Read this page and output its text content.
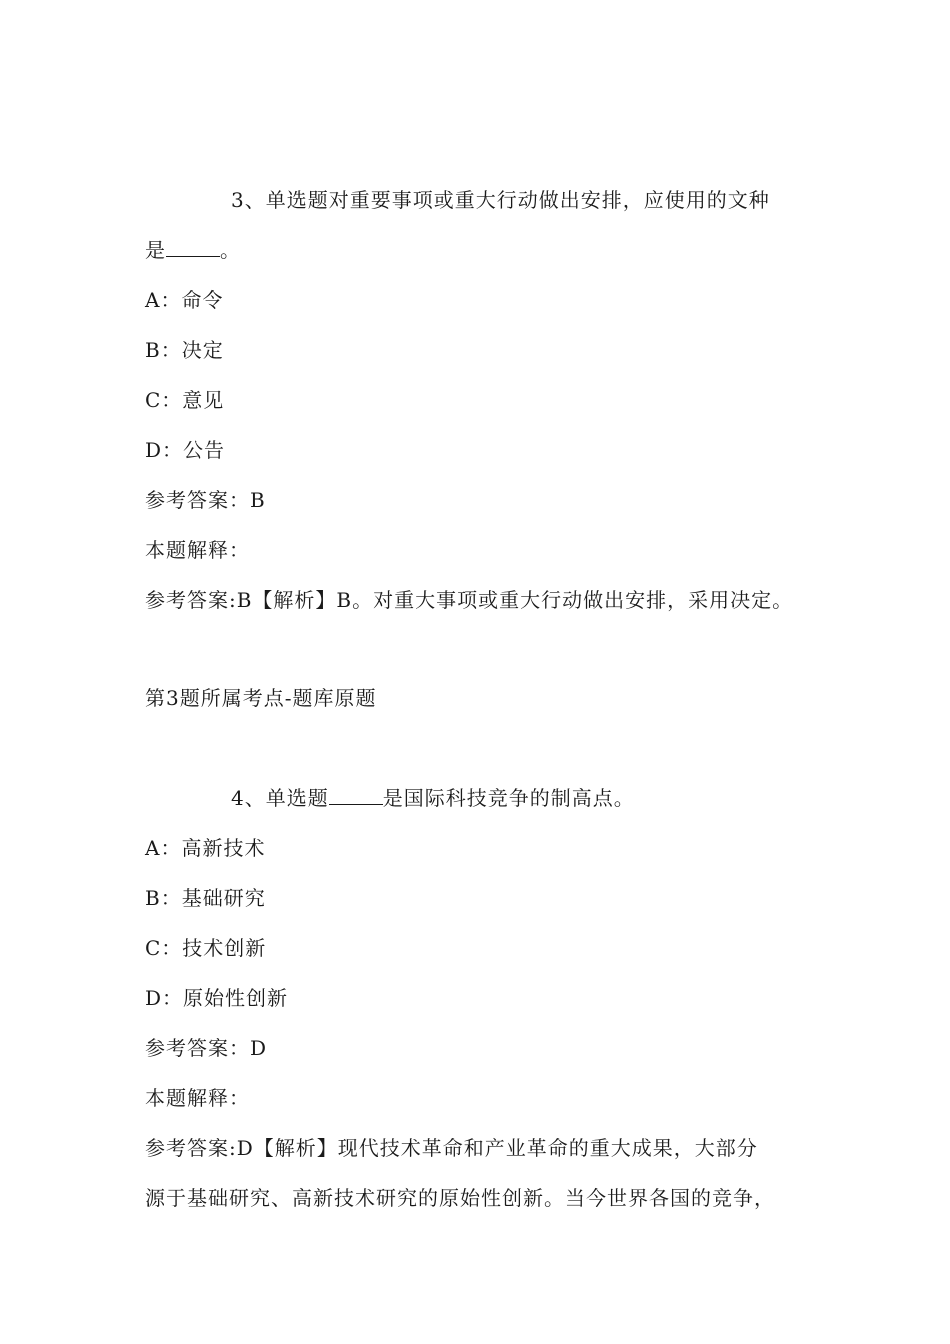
3、单选题对重要事项或重大行动做出安排，应使用的文种
是	。
A：命令
B：决定
C：意见
D：公告
参考答案：B
本题解释：
参考答案:B【解析】B。对重大事项或重大行动做出安排，采用决定。
第3题所属考点-题库原题
4、单选题	是国际科技竞争的制高点。
A：高新技术
B：基础研究
C：技术创新
D：原始性创新
参考答案：D
本题解释：
参考答案:D【解析】现代技术革命和产业革命的重大成果，大部分
源于基础研究、高新技术研究的原始性创新。当今世界各国的竞争，
